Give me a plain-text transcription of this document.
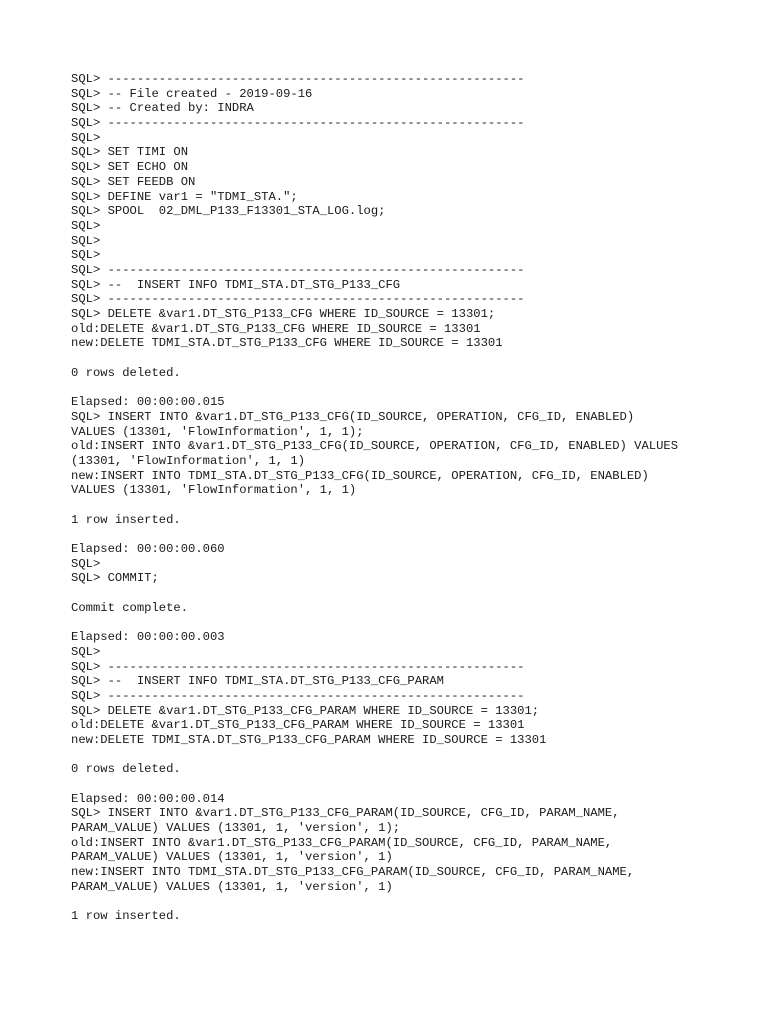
SQL> ---------------------------------------------------------
SQL> -- File created - 2019-09-16
SQL> -- Created by: INDRA
SQL> ---------------------------------------------------------
SQL>
SQL> SET TIMI ON
SQL> SET ECHO ON
SQL> SET FEEDB ON
SQL> DEFINE var1 = "TDMI_STA.";
SQL> SPOOL  02_DML_P133_F13301_STA_LOG.log;
SQL>
SQL>
SQL>
SQL> ---------------------------------------------------------
SQL> --  INSERT INFO TDMI_STA.DT_STG_P133_CFG
SQL> ---------------------------------------------------------
SQL> DELETE &var1.DT_STG_P133_CFG WHERE ID_SOURCE = 13301;
old:DELETE &var1.DT_STG_P133_CFG WHERE ID_SOURCE = 13301
new:DELETE TDMI_STA.DT_STG_P133_CFG WHERE ID_SOURCE = 13301
0 rows deleted.
Elapsed: 00:00:00.015
SQL> INSERT INTO &var1.DT_STG_P133_CFG(ID_SOURCE, OPERATION, CFG_ID, ENABLED)
VALUES (13301, 'FlowInformation', 1, 1);
old:INSERT INTO &var1.DT_STG_P133_CFG(ID_SOURCE, OPERATION, CFG_ID, ENABLED) VALUES
(13301, 'FlowInformation', 1, 1)
new:INSERT INTO TDMI_STA.DT_STG_P133_CFG(ID_SOURCE, OPERATION, CFG_ID, ENABLED)
VALUES (13301, 'FlowInformation', 1, 1)
1 row inserted.
Elapsed: 00:00:00.060
SQL>
SQL> COMMIT;
Commit complete.
Elapsed: 00:00:00.003
SQL>
SQL> ---------------------------------------------------------
SQL> --  INSERT INFO TDMI_STA.DT_STG_P133_CFG_PARAM
SQL> ---------------------------------------------------------
SQL> DELETE &var1.DT_STG_P133_CFG_PARAM WHERE ID_SOURCE = 13301;
old:DELETE &var1.DT_STG_P133_CFG_PARAM WHERE ID_SOURCE = 13301
new:DELETE TDMI_STA.DT_STG_P133_CFG_PARAM WHERE ID_SOURCE = 13301
0 rows deleted.
Elapsed: 00:00:00.014
SQL> INSERT INTO &var1.DT_STG_P133_CFG_PARAM(ID_SOURCE, CFG_ID, PARAM_NAME,
PARAM_VALUE) VALUES (13301, 1, 'version', 1);
old:INSERT INTO &var1.DT_STG_P133_CFG_PARAM(ID_SOURCE, CFG_ID, PARAM_NAME,
PARAM_VALUE) VALUES (13301, 1, 'version', 1)
new:INSERT INTO TDMI_STA.DT_STG_P133_CFG_PARAM(ID_SOURCE, CFG_ID, PARAM_NAME,
PARAM_VALUE) VALUES (13301, 1, 'version', 1)
1 row inserted.
